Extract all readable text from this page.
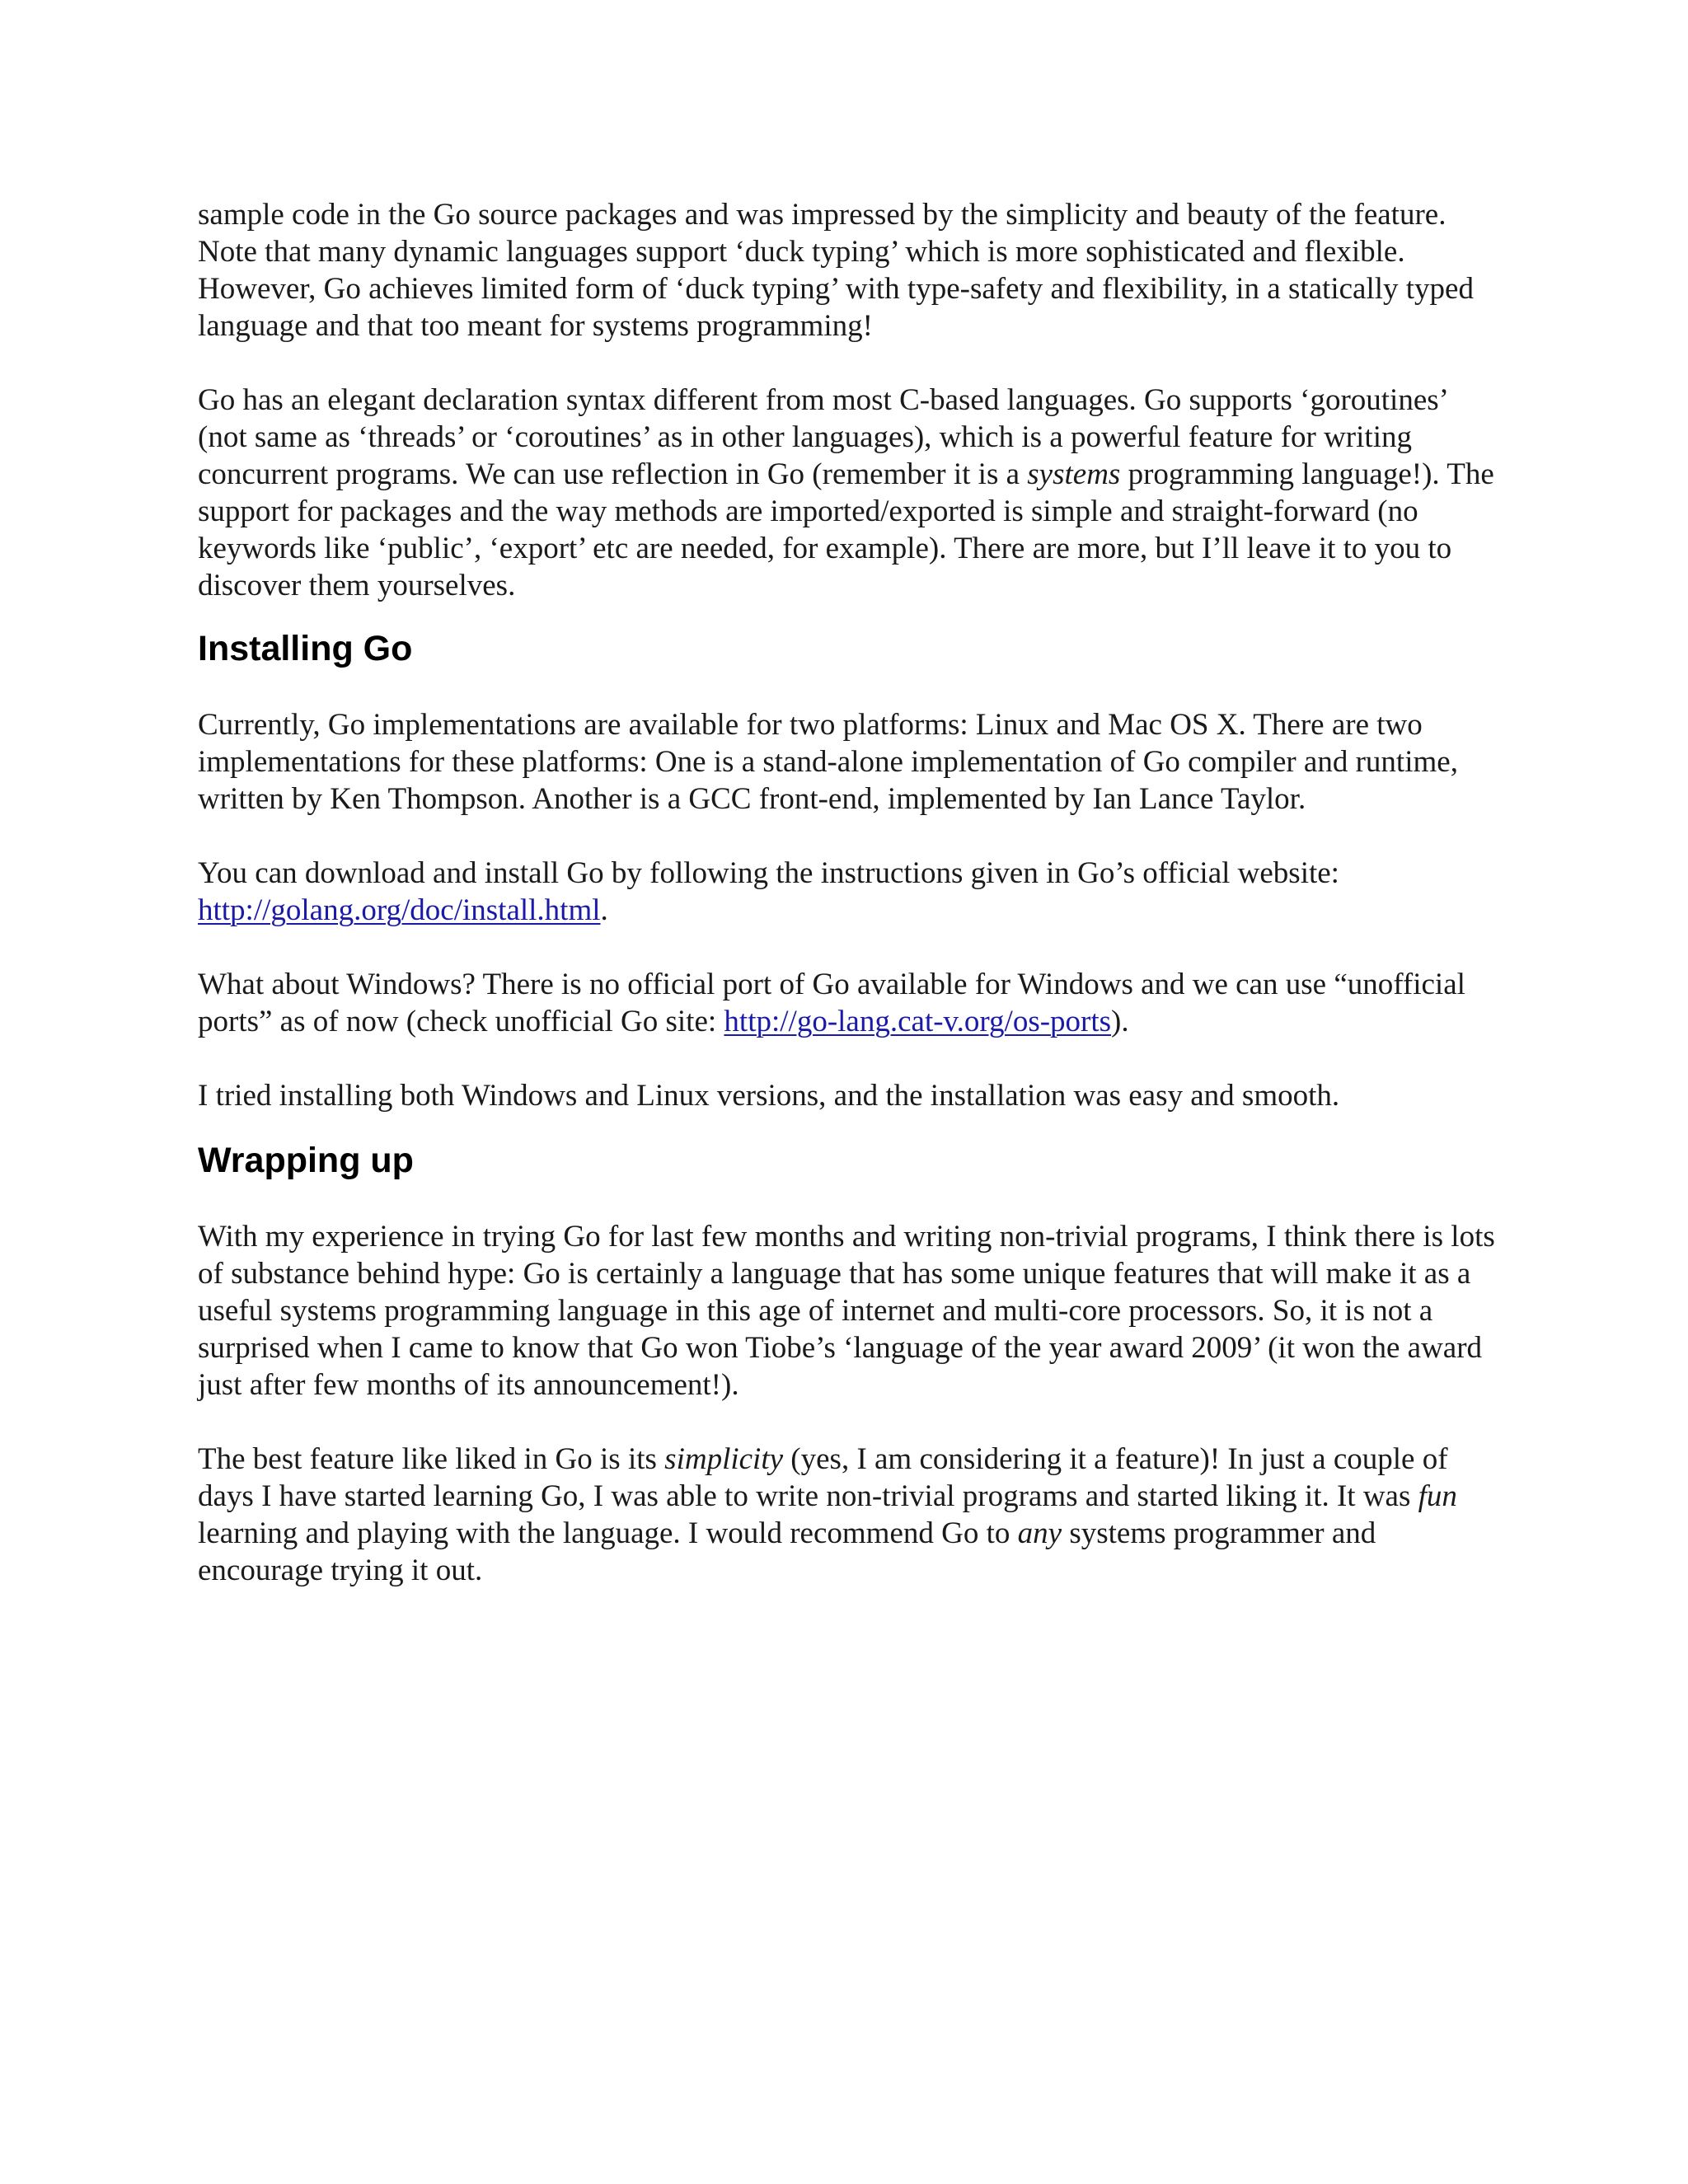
sample code in the Go source packages and was impressed by the simplicity and beauty of the feature. Note that many dynamic languages support ‘duck typing’ which is more sophisticated and flexible. However, Go achieves limited form of ‘duck typing’ with type-safety and flexibility, in a statically typed language and that too meant for systems programming!

Go has an elegant declaration syntax different from most C-based languages. Go supports ‘goroutines’ (not same as ‘threads’ or ‘coroutines’ as in other languages), which is a powerful feature for writing concurrent programs. We can use reflection in Go (remember it is a systems programming language!). The support for packages and the way methods are imported/exported is simple and straight-forward (no keywords like ‘public’, ‘export’ etc are needed, for example). There are more, but I’ll leave it to you to discover them yourselves.

Installing Go

Currently, Go implementations are available for two platforms: Linux and Mac OS X. There are two implementations for these platforms: One is a stand-alone implementation of Go compiler and runtime, written by Ken Thompson. Another is a GCC front-end, implemented by Ian Lance Taylor.

You can download and install Go by following the instructions given in Go’s official website: http://golang.org/doc/install.html.

What about Windows? There is no official port of Go available for Windows and we can use “unofficial ports” as of now (check unofficial Go site: http://go-lang.cat-v.org/os-ports).

I tried installing both Windows and Linux versions, and the installation was easy and smooth.

Wrapping up

With my experience in trying Go for last few months and writing non-trivial programs, I think there is lots of substance behind hype: Go is certainly a language that has some unique features that will make it as a useful systems programming language in this age of internet and multi-core processors. So, it is not a surprised when I came to know that Go won Tiobe’s ‘language of the year award 2009’ (it won the award just after few months of its announcement!).

The best feature like liked in Go is its simplicity (yes, I am considering it a feature)! In just a couple of days I have started learning Go, I was able to write non-trivial programs and started liking it. It was fun learning and playing with the language. I would recommend Go to any systems programmer and encourage trying it out.
